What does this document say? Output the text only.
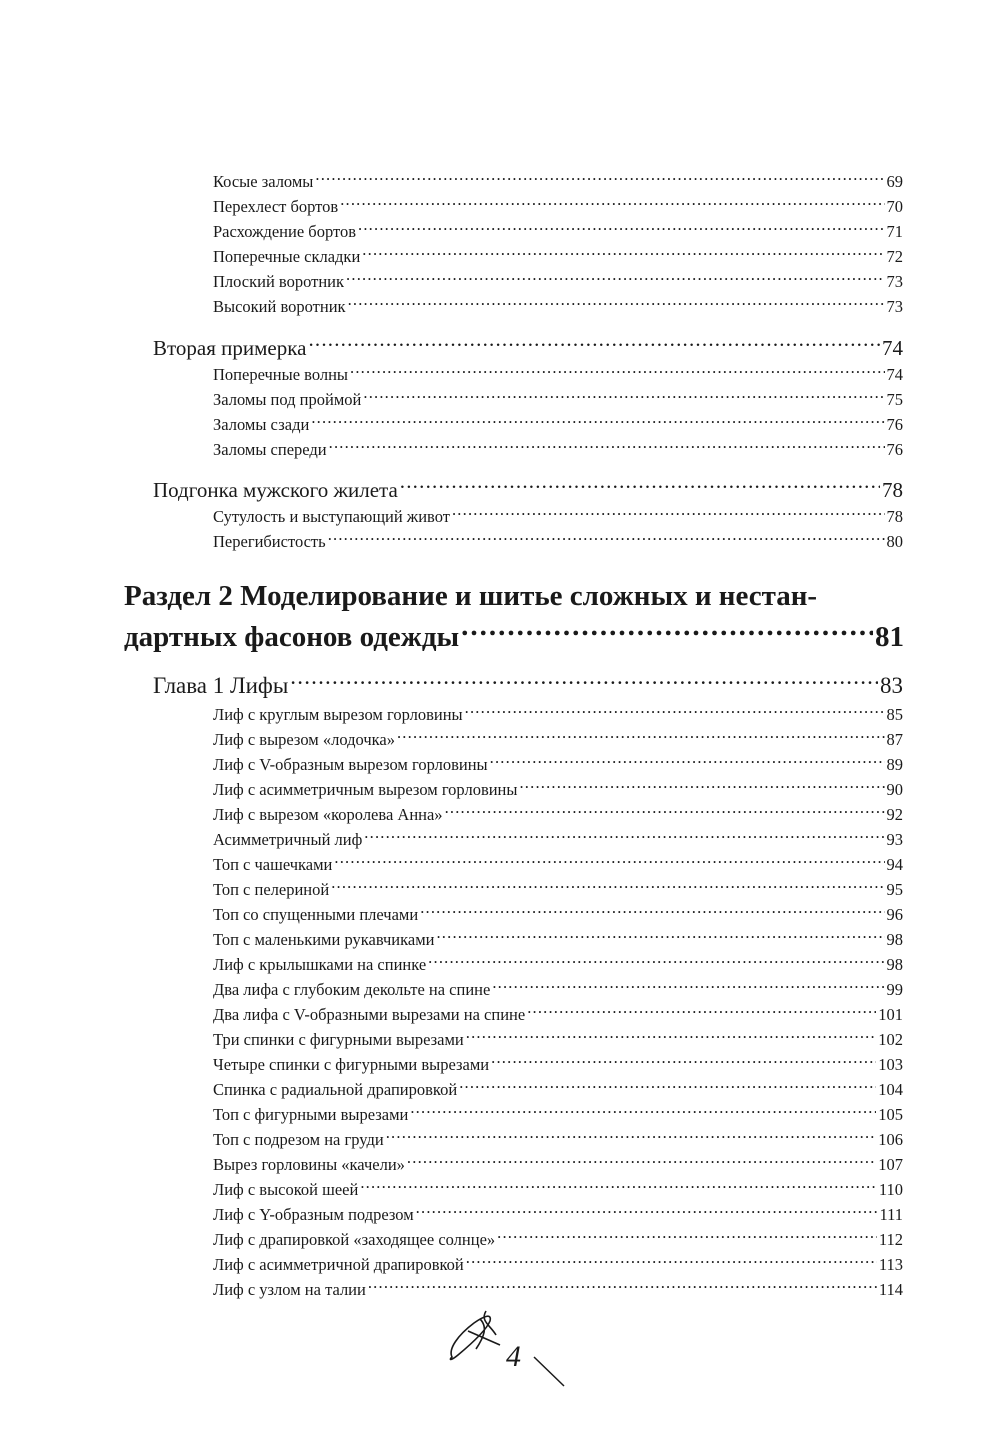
Косые заломы .....	69
Перехлест бортов .....	70
Расхождение бортов .....	71
Поперечные складки .....	72
Плоский воротник .....	73
Высокий воротник .....	73
Вторая примерка .....	74
Поперечные волны .....	74
Заломы под проймой .....	75
Заломы сзади .....	76
Заломы спереди .....	76
Подгонка мужского жилета .....	78
Сутулость и выступающий живот .....	78
Перегибистость .....	80
Раздел 2 Моделирование и шитье сложных и нестан-
дартных фасонов одежды .....	81
Глава 1 Лифы .....	83
Лиф с круглым вырезом горловины .....	85
Лиф с вырезом «лодочка» .....	87
Лиф с V-образным вырезом горловины .....	89
Лиф с асимметричным вырезом горловины .....	90
Лиф с вырезом «королева Анна» .....	92
Асимметричный лиф .....	93
Топ с чашечками .....	94
Топ с пелериной .....	95
Топ со спущенными плечами .....	96
Топ с маленькими рукавчиками .....	98
Лиф с крылышками на спинке .....	98
Два лифа с глубоким декольте на спине .....	99
Два лифа с V-образными вырезами на спине .....	101
Три спинки с фигурными вырезами .....	102
Четыре спинки с фигурными вырезами .....	103
Спинка с радиальной драпировкой .....	104
Топ с фигурными вырезами .....	105
Топ с подрезом на груди .....	106
Вырез горловины «качели» .....	107
Лиф с высокой шеей .....	110
Лиф с Y-образным подрезом .....	111
Лиф с драпировкой «заходящее солнце» .....	112
Лиф с асимметричной драпировкой .....	113
Лиф с узлом на талии .....	114
4
